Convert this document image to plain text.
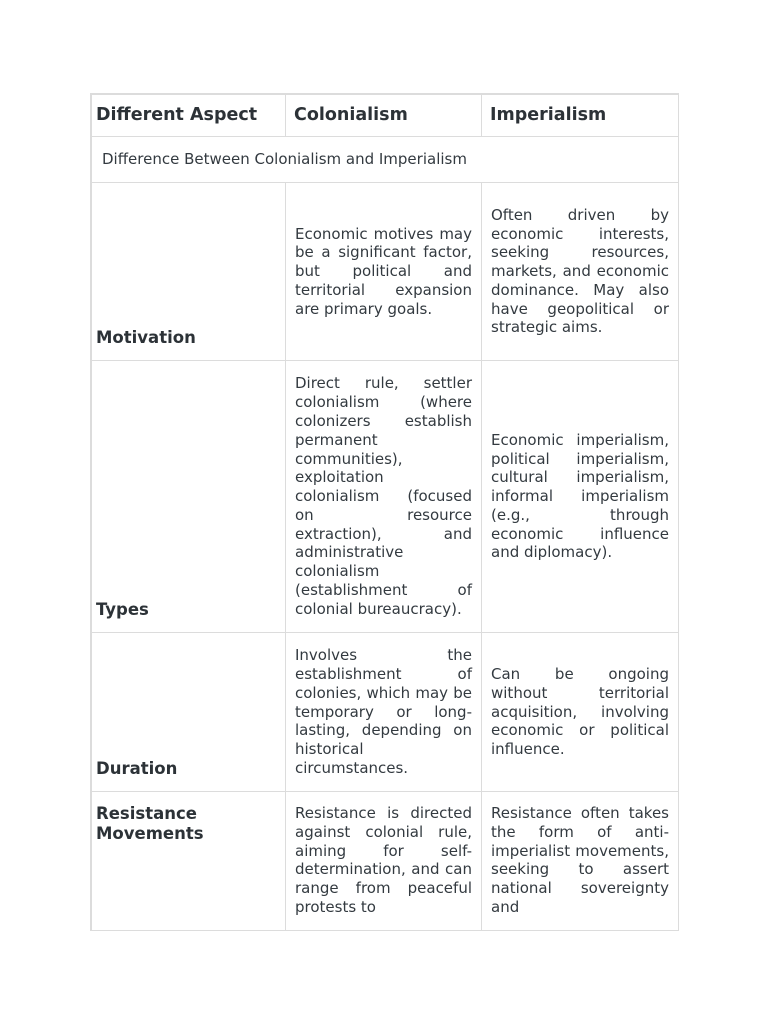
Different Aspect	Colonialism	Imperialism
Difference Between Colonialism and Imperialism		
Motivation	Economic motives may be a significant factor, but political and territorial expansion are primary goals.	Often driven by economic interests, seeking resources, markets, and economic dominance. May also have geopolitical or strategic aims.
Types	Direct rule, settler colonialism (where colonizers establish permanent communities), exploitation colonialism (focused on resource extraction), and administrative colonialism (establishment of colonial bureaucracy).	Economic imperialism, political imperialism, cultural imperialism, informal imperialism (e.g., through economic influence and diplomacy).
Duration	Involves the establishment of colonies, which may be temporary or long-lasting, depending on historical circumstances.	Can be ongoing without territorial acquisition, involving economic or political influence.
Resistance Movements	Resistance is directed against colonial rule, aiming for self-determination, and can range from peaceful protests to	Resistance often takes the form of anti-imperialist movements, seeking to assert national sovereignty and
